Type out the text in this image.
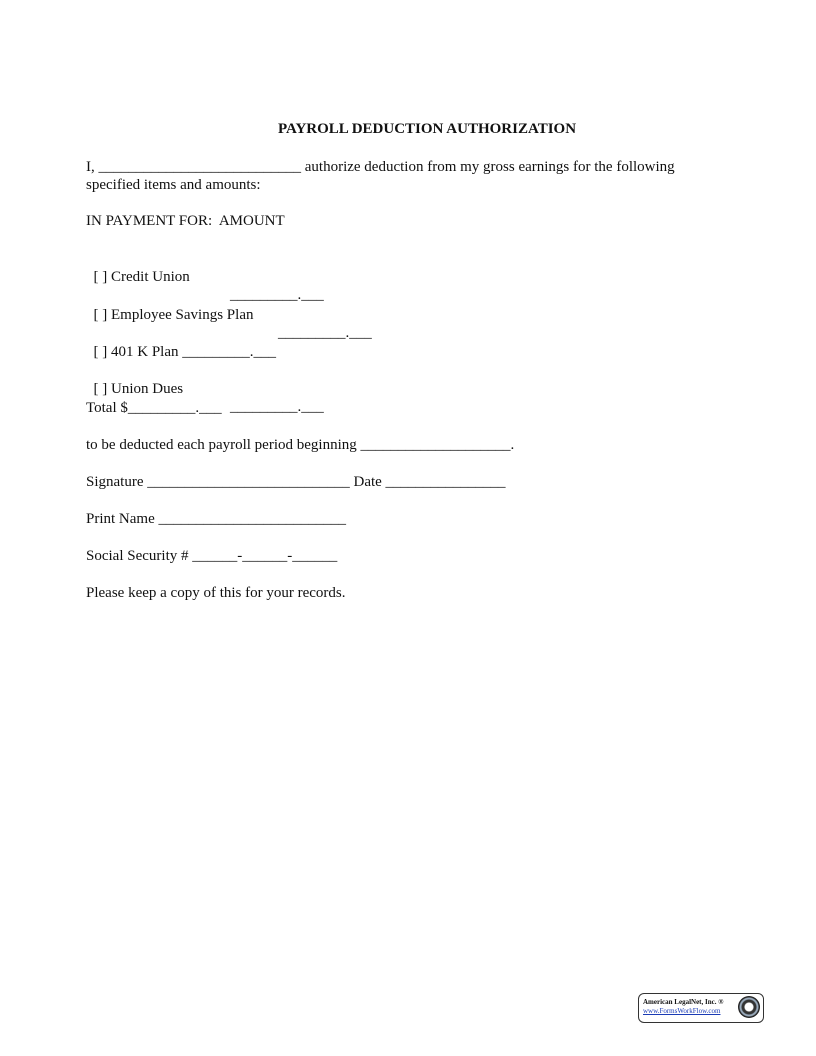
PAYROLL DEDUCTION AUTHORIZATION
I, ___________________________ authorize deduction from my gross earnings for the following
specified items and amounts:
IN PAYMENT FOR:  AMOUNT

[ ] Credit Union

_________.___

[ ] Employee Savings Plan

_________.___

[ ] 401 K Plan _________.___

[ ] Union Dues

_________.___

Total $_________.___
to be deducted each payroll period beginning ____________________.
Signature ___________________________ Date ________________
Print Name _________________________
Social Security # ______-______-______
Please keep a copy of this for your records.
American LegalNet, Inc. ®
www.FormsWorkFlow.com
